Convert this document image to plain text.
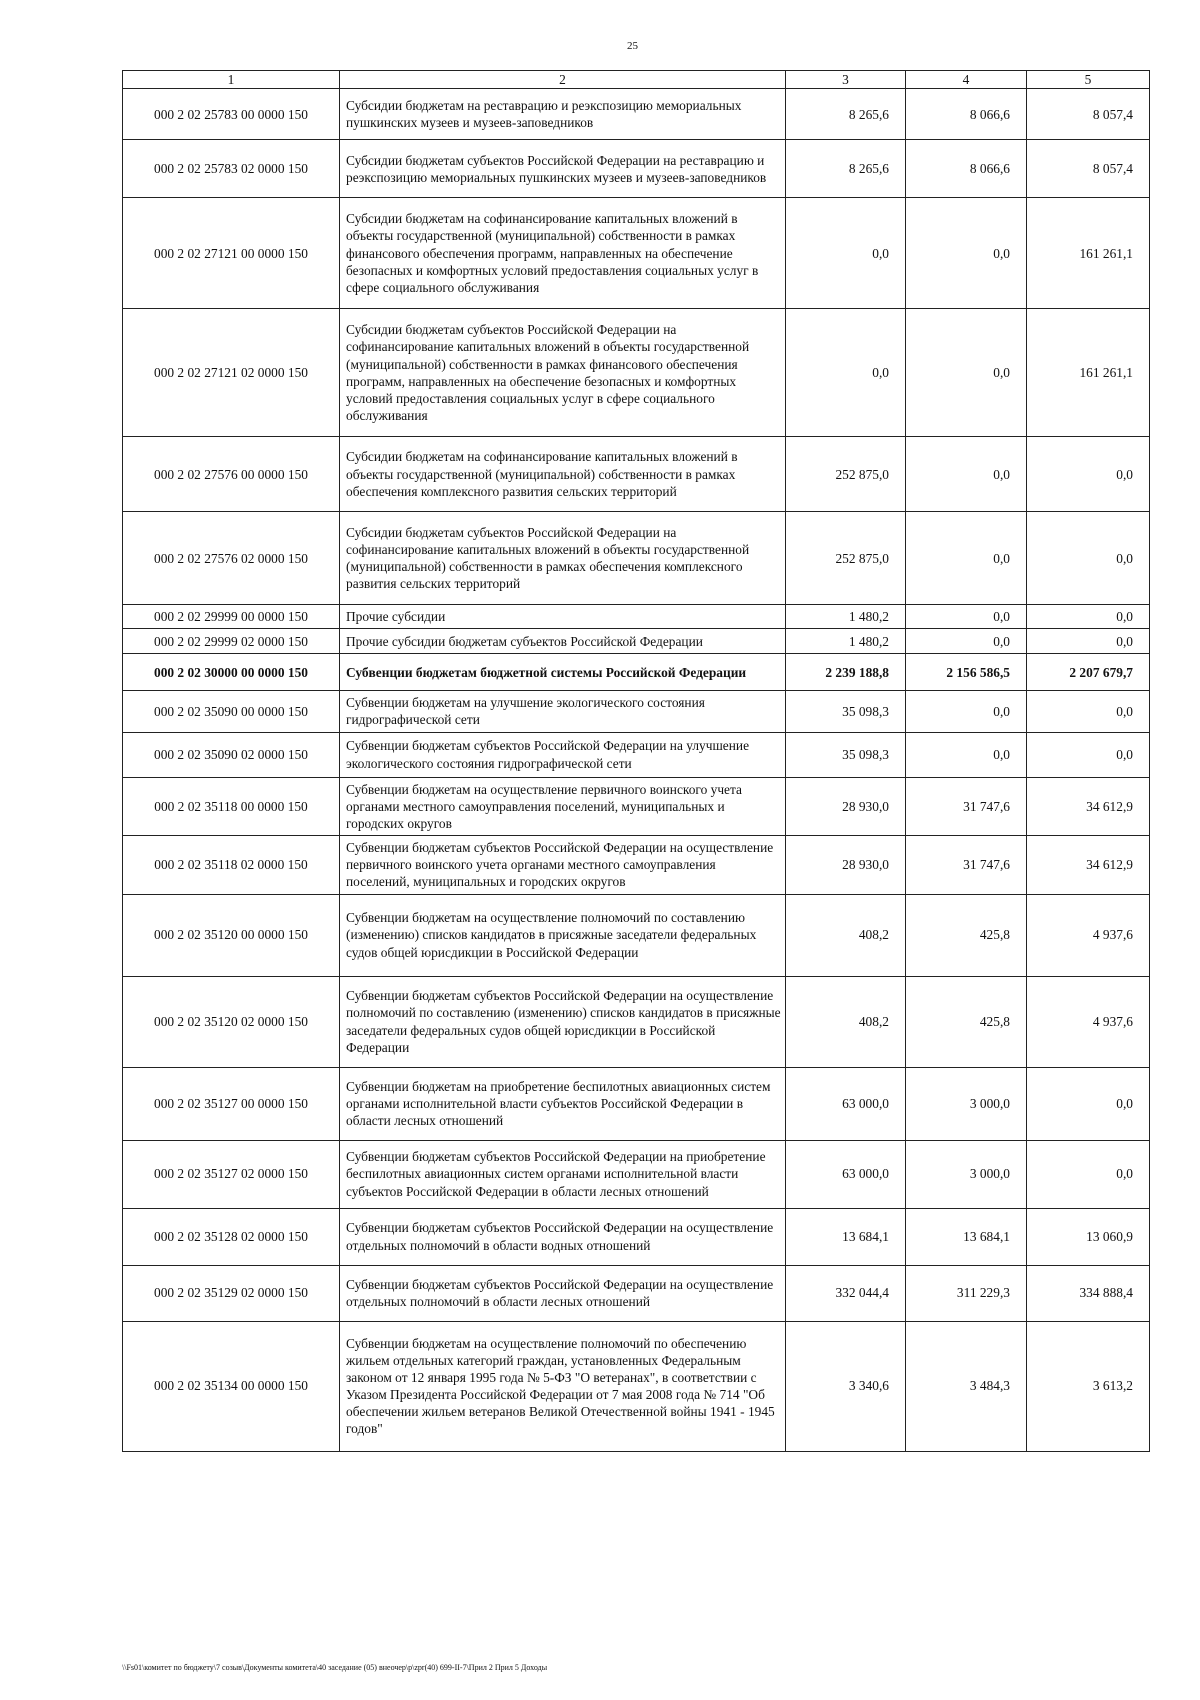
25
1	2	3	4	5
000 2 02 25783 00 0000 150	Субсидии бюджетам на реставрацию и реэкспозицию мемориальных пушкинских музеев и музеев-заповедников	8 265,6	8 066,6	8 057,4
000 2 02 25783 02 0000 150	Субсидии бюджетам субъектов Российской Федерации на реставрацию и реэкспозицию мемориальных пушкинских музеев и музеев-заповедников	8 265,6	8 066,6	8 057,4
000 2 02 27121 00 0000 150	Субсидии бюджетам на софинансирование капитальных вложений в объекты государственной (муниципальной) собственности в рамках финансового обеспечения программ, направленных на обеспечение безопасных и комфортных условий предоставления социальных услуг в сфере социального обслуживания	0,0	0,0	161 261,1
000 2 02 27121 02 0000 150	Субсидии бюджетам субъектов Российской Федерации на софинансирование капитальных вложений в объекты государственной (муниципальной) собственности в рамках финансового обеспечения программ, направленных на обеспечение безопасных и комфортных условий предоставления социальных услуг в сфере социального обслуживания	0,0	0,0	161 261,1
000 2 02 27576 00 0000 150	Субсидии бюджетам на софинансирование капитальных вложений в объекты государственной (муниципальной) собственности в рамках обеспечения комплексного развития сельских территорий	252 875,0	0,0	0,0
000 2 02 27576 02 0000 150	Субсидии бюджетам субъектов Российской Федерации на софинансирование капитальных вложений в объекты государственной (муниципальной) собственности в рамках обеспечения комплексного развития сельских территорий	252 875,0	0,0	0,0
000 2 02 29999 00 0000 150	Прочие субсидии	1 480,2	0,0	0,0
000 2 02 29999 02 0000 150	Прочие субсидии бюджетам субъектов Российской Федерации	1 480,2	0,0	0,0
000 2 02 30000 00 0000 150	Субвенции бюджетам бюджетной системы Российской Федерации	2 239 188,8	2 156 586,5	2 207 679,7
000 2 02 35090 00 0000 150	Субвенции бюджетам на улучшение экологического состояния гидрографической сети	35 098,3	0,0	0,0
000 2 02 35090 02 0000 150	Субвенции бюджетам субъектов Российской Федерации на улучшение экологического состояния гидрографической сети	35 098,3	0,0	0,0
000 2 02 35118 00 0000 150	Субвенции бюджетам на осуществление первичного воинского учета органами местного самоуправления поселений, муниципальных и городских округов	28 930,0	31 747,6	34 612,9
000 2 02 35118 02 0000 150	Субвенции бюджетам субъектов Российской Федерации на осуществление первичного воинского учета органами местного самоуправления поселений, муниципальных и городских округов	28 930,0	31 747,6	34 612,9
000 2 02 35120 00 0000 150	Субвенции бюджетам на осуществление полномочий по составлению (изменению) списков кандидатов в присяжные заседатели федеральных судов общей юрисдикции в Российской Федерации	408,2	425,8	4 937,6
000 2 02 35120 02 0000 150	Субвенции бюджетам субъектов Российской Федерации на осуществление полномочий по составлению (изменению) списков кандидатов в присяжные заседатели федеральных судов общей юрисдикции в Российской Федерации	408,2	425,8	4 937,6
000 2 02 35127 00 0000 150	Субвенции бюджетам на приобретение беспилотных авиационных систем органами исполнительной власти субъектов Российской Федерации в области лесных отношений	63 000,0	3 000,0	0,0
000 2 02 35127 02 0000 150	Субвенции бюджетам субъектов Российской Федерации на приобретение беспилотных авиационных систем органами исполнительной власти субъектов Российской Федерации в области лесных отношений	63 000,0	3 000,0	0,0
000 2 02 35128 02 0000 150	Субвенции бюджетам субъектов Российской Федерации на осуществление отдельных полномочий в области водных отношений	13 684,1	13 684,1	13 060,9
000 2 02 35129 02 0000 150	Субвенции бюджетам субъектов Российской Федерации на осуществление отдельных полномочий в области лесных отношений	332 044,4	311 229,3	334 888,4
000 2 02 35134 00 0000 150	Субвенции бюджетам на осуществление полномочий по обеспечению жильем отдельных категорий граждан, установленных Федеральным законом от 12 января 1995 года № 5-ФЗ "О ветеранах", в соответствии с Указом Президента Российской Федерации от 7 мая 2008 года № 714 "Об обеспечении жильем ветеранов Великой Отечественной войны 1941 - 1945 годов"	3 340,6	3 484,3	3 613,2
\\Fs01\комитет по бюджету\7 созыв\Документы комитета\40 заседание (05) внеочер\р\zpr(40) 699-II-7\Прил 2 Прил 5 Доходы
